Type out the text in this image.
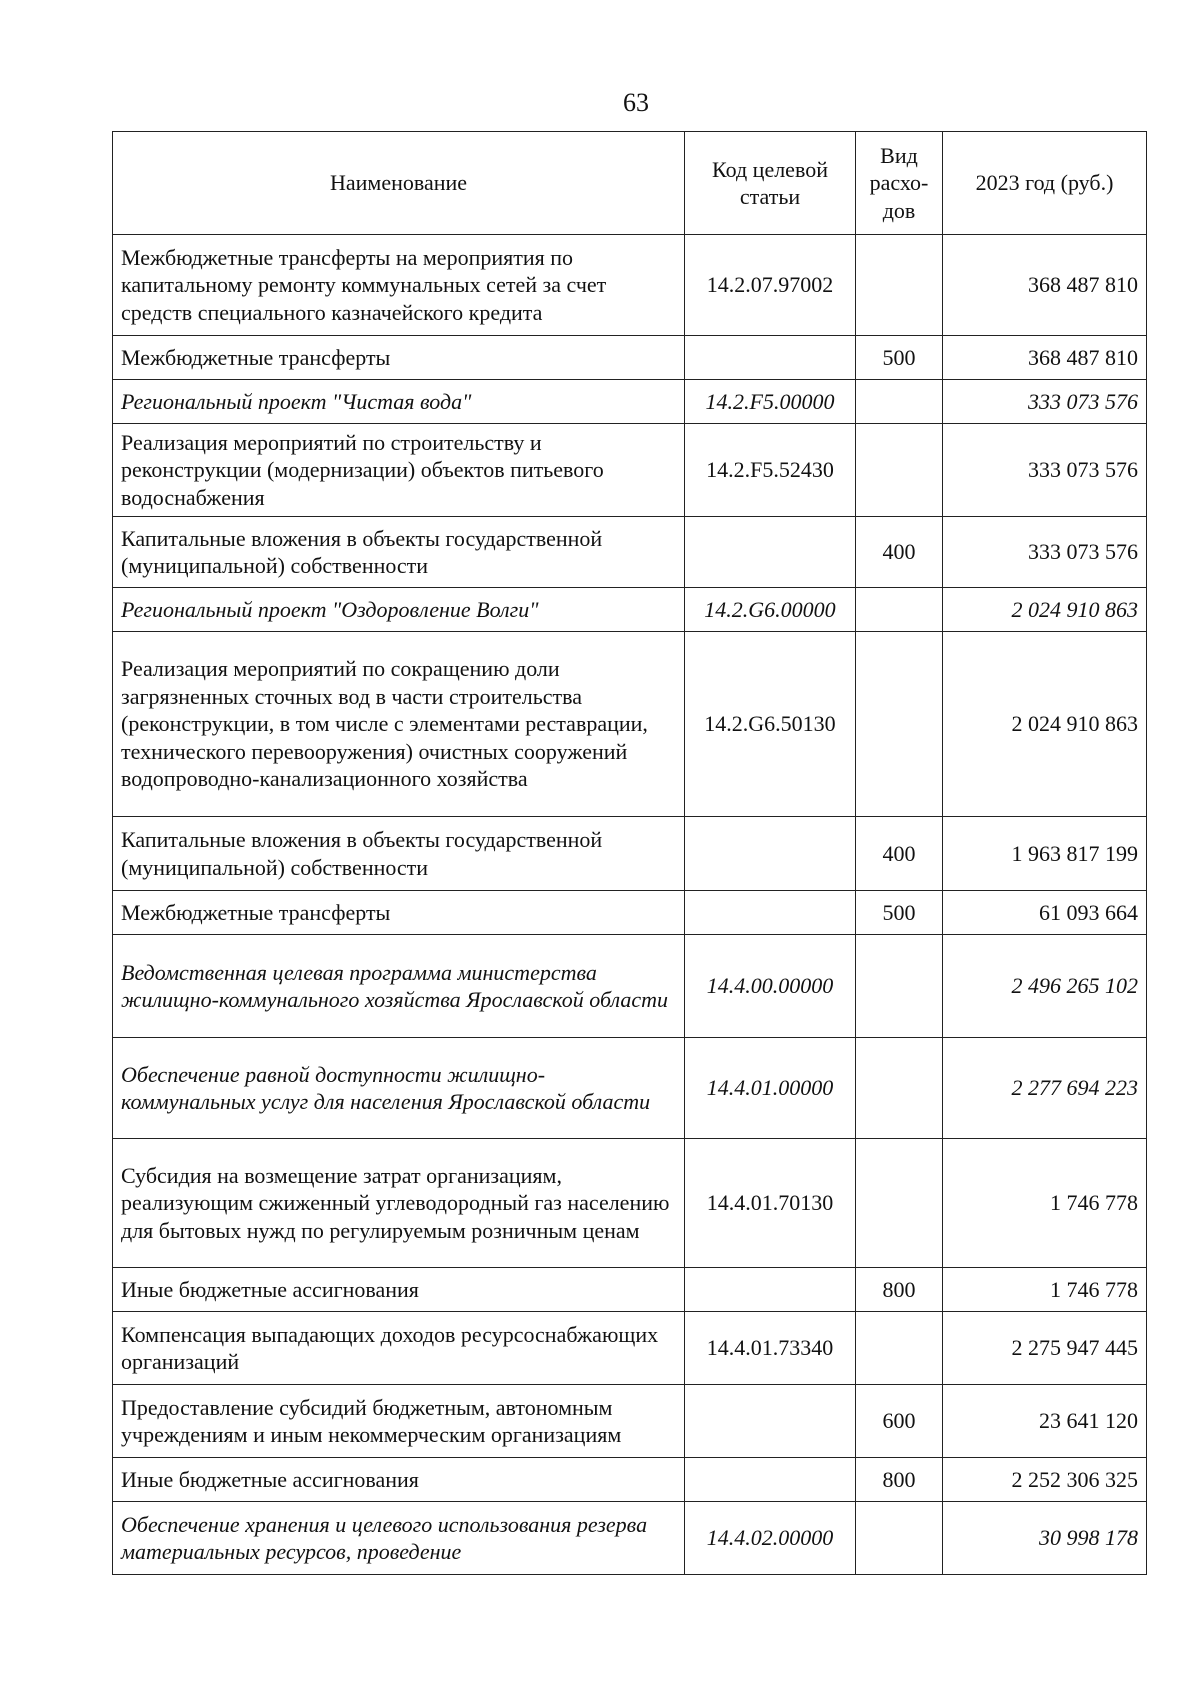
63
Наименование	Код целевой статьи	Вид расхо-дов	2023 год (руб.)
Межбюджетные трансферты на мероприятия по капитальному ремонту коммунальных сетей за счет средств специального казначейского кредита	14.2.07.97002		368 487 810
Межбюджетные трансферты		500	368 487 810
Региональный проект "Чистая вода"	14.2.F5.00000		333 073 576
Реализация мероприятий по строительству и реконструкции (модернизации) объектов питьевого водоснабжения	14.2.F5.52430		333 073 576
Капитальные вложения в объекты государственной (муниципальной) собственности		400	333 073 576
Региональный проект "Оздоровление Волги"	14.2.G6.00000		2 024 910 863
Реализация мероприятий по сокращению доли загрязненных сточных вод в части строительства (реконструкции, в том числе с элементами реставрации, технического перевооружения) очистных сооружений водопроводно-канализационного хозяйства	14.2.G6.50130		2 024 910 863
Капитальные вложения в объекты государственной (муниципальной) собственности		400	1 963 817 199
Межбюджетные трансферты		500	61 093 664
Ведомственная целевая программа министерства жилищно-коммунального хозяйства Ярославской области	14.4.00.00000		2 496 265 102
Обеспечение равной доступности жилищно-коммунальных услуг для населения Ярославской области	14.4.01.00000		2 277 694 223
Субсидия на возмещение затрат организациям, реализующим сжиженный углеводородный газ населению для бытовых нужд по регулируемым розничным ценам	14.4.01.70130		1 746 778
Иные бюджетные ассигнования		800	1 746 778
Компенсация выпадающих доходов ресурсоснабжающих организаций	14.4.01.73340		2 275 947 445
Предоставление субсидий бюджетным, автономным учреждениям и иным некоммерческим организациям		600	23 641 120
Иные бюджетные ассигнования		800	2 252 306 325
Обеспечение хранения и целевого использования резерва материальных ресурсов, проведение	14.4.02.00000		30 998 178
